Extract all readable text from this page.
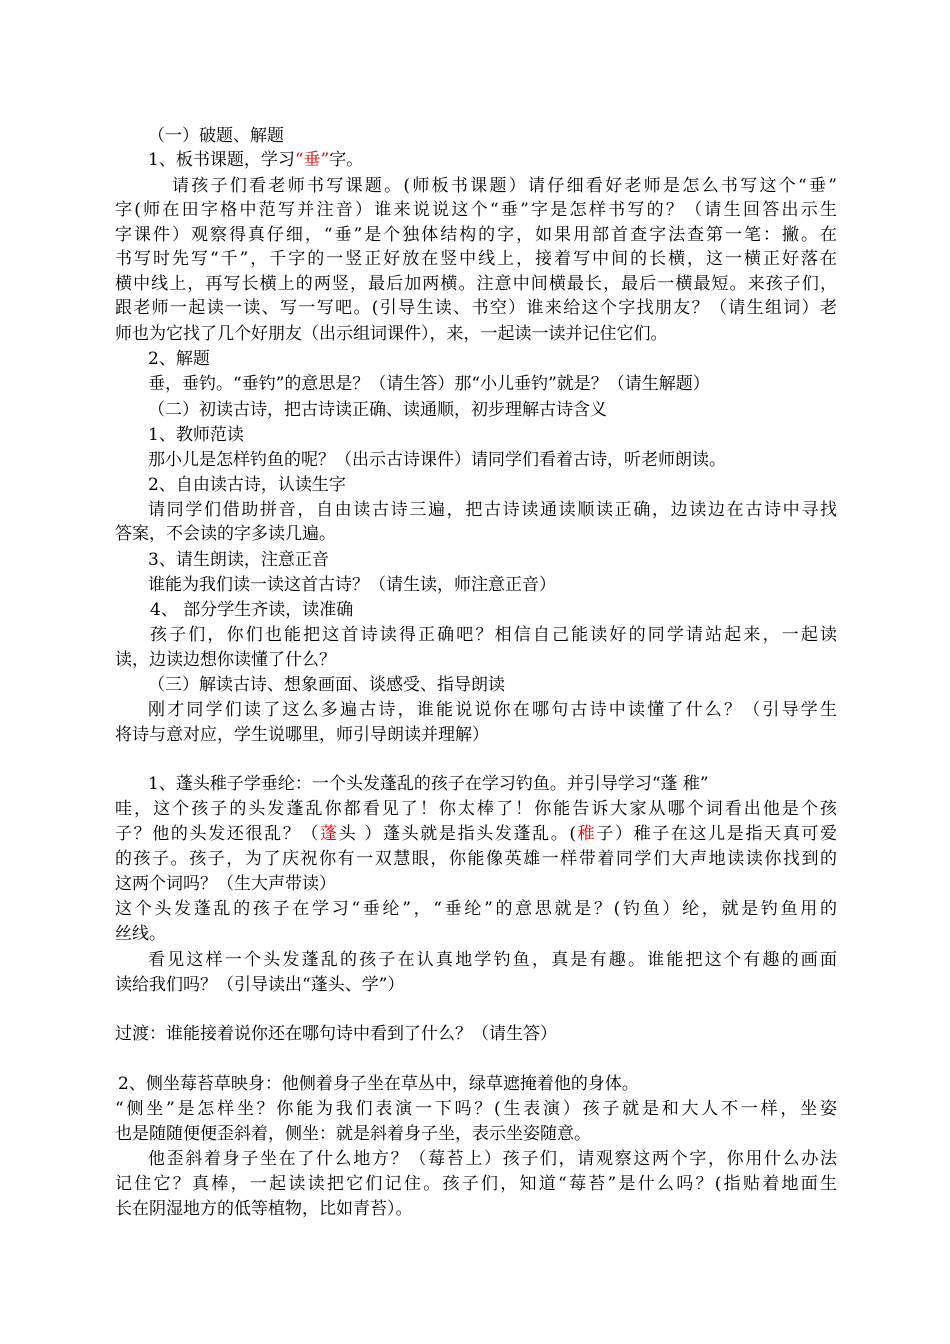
（一）破题、解题
1、板书课题，学习“垂”字。
请孩子们看老师书写课题。(师板书课题）请仔细看好老师是怎么书写这个“垂”
字(师在田字格中范写并注音）谁来说说这个“垂”字是怎样书写的？（请生回答出示生
字课件）观察得真仔细，“垂”是个独体结构的字，如果用部首查字法查第一笔：撇。在
书写时先写“千”，千字的一竖正好放在竖中线上，接着写中间的长横，这一横正好落在
横中线上，再写长横上的两竖，最后加两横。注意中间横最长，最后一横最短。来孩子们，
跟老师一起读一读、写一写吧。(引导生读、书空）谁来给这个字找朋友？（请生组词）老
师也为它找了几个好朋友（出示组词课件），来，一起读一读并记住它们。
2、解题
垂，垂钓。“垂钓”的意思是？（请生答）那“小儿垂钓”就是？（请生解题）
（二）初读古诗，把古诗读正确、读通顺，初步理解古诗含义
1、教师范读
那小儿是怎样钓鱼的呢？（出示古诗课件）请同学们看着古诗，听老师朗读。
2、自由读古诗，认读生字
请同学们借助拼音，自由读古诗三遍，把古诗读通读顺读正确，边读边在古诗中寻找
答案，不会读的字多读几遍。
3、请生朗读，注意正音
谁能为我们读一读这首古诗？（请生读，师注意正音）
4、 部分学生齐读，读准确
孩子们，你们也能把这首诗读得正确吧？相信自己能读好的同学请站起来，一起读
读，边读边想你读懂了什么？
（三）解读古诗、想象画面、谈感受、指导朗读
刚才同学们读了这么多遍古诗，谁能说说你在哪句古诗中读懂了什么？（引导学生
将诗与意对应，学生说哪里，师引导朗读并理解）
1、蓬头稚子学垂纶：一个头发蓬乱的孩子在学习钓鱼。并引导学习“蓬 稚”
哇，这个孩子的头发蓬乱你都看见了！你太棒了！你能告诉大家从哪个词看出他是个孩
子？他的头发还很乱？（蓬头 ）蓬头就是指头发蓬乱。(稚子）稚子在这儿是指天真可爱
的孩子。孩子，为了庆祝你有一双慧眼，你能像英雄一样带着同学们大声地读读你找到的
这两个词吗？（生大声带读）
这个头发蓬乱的孩子在学习“垂纶”，“垂纶”的意思就是？(钓鱼）纶，就是钓鱼用的
丝线。
看见这样一个头发蓬乱的孩子在认真地学钓鱼，真是有趣。谁能把这个有趣的画面
读给我们吗？（引导读出“蓬头、学”）
过渡：谁能接着说你还在哪句诗中看到了什么？（请生答）
2、侧坐莓苔草映身：他侧着身子坐在草丛中，绿草遮掩着他的身体。
“侧坐”是怎样坐？你能为我们表演一下吗？(生表演）孩子就是和大人不一样，坐姿
也是随随便便歪斜着，侧坐：就是斜着身子坐，表示坐姿随意。
他歪斜着身子坐在了什么地方？（莓苔上）孩子们，请观察这两个字，你用什么办法
记住它？真棒，一起读读把它们记住。孩子们，知道“莓苔”是什么吗？(指贴着地面生
长在阴湿地方的低等植物，比如青苔）。
